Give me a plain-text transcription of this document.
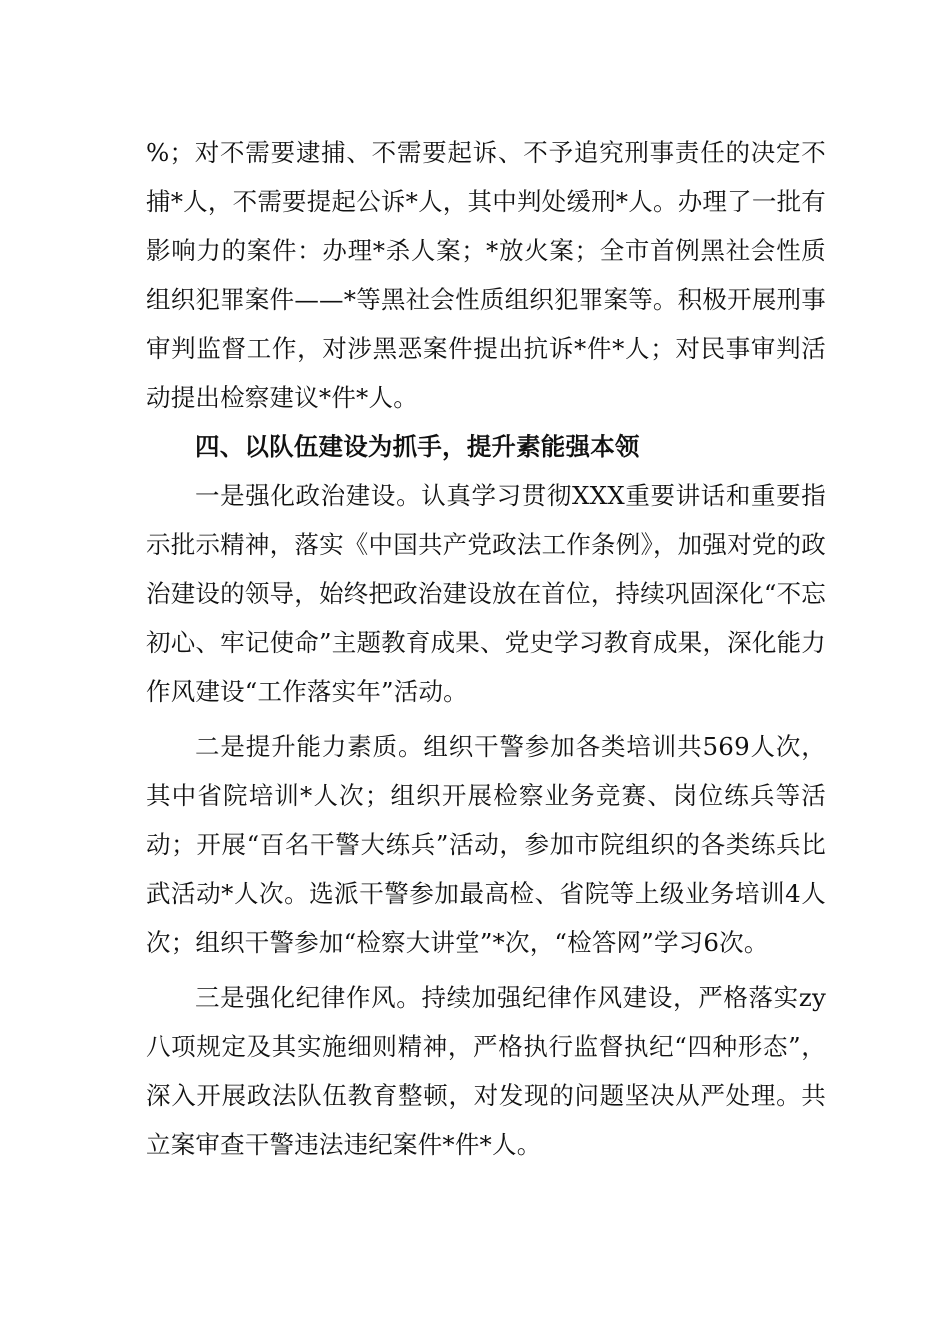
%；对不需要逮捕、不需要起诉、不予追究刑事责任的决定不捕*人，不需要提起公诉*人，其中判处缓刑*人。办理了一批有影响力的案件：办理*杀人案；*放火案；全市首例黑社会性质组织犯罪案件——*等黑社会性质组织犯罪案等。积极开展刑事审判监督工作，对涉黑恶案件提出抗诉*件*人；对民事审判活动提出检察建议*件*人。

四、以队伍建设为抓手，提升素能强本领

一是强化政治建设。认真学习贯彻XXX重要讲话和重要指示批示精神，落实《中国共产党政法工作条例》，加强对党的政治建设的领导，始终把政治建设放在首位，持续巩固深化“不忘初心、牢记使命”主题教育成果、党史学习教育成果，深化能力作风建设“工作落实年”活动。

二是提升能力素质。组织干警参加各类培训共569人次，其中省院培训*人次；组织开展检察业务竞赛、岗位练兵等活动；开展“百名干警大练兵”活动，参加市院组织的各类练兵比武活动*人次。选派干警参加最高检、省院等上级业务培训4人次；组织干警参加“检察大讲堂”*次，“检答网”学习6次。

三是强化纪律作风。持续加强纪律作风建设，严格落实zy八项规定及其实施细则精神，严格执行监督执纪“四种形态”，深入开展政法队伍教育整顿，对发现的问题坚决从严处理。共立案审查干警违法违纪案件*件*人。
